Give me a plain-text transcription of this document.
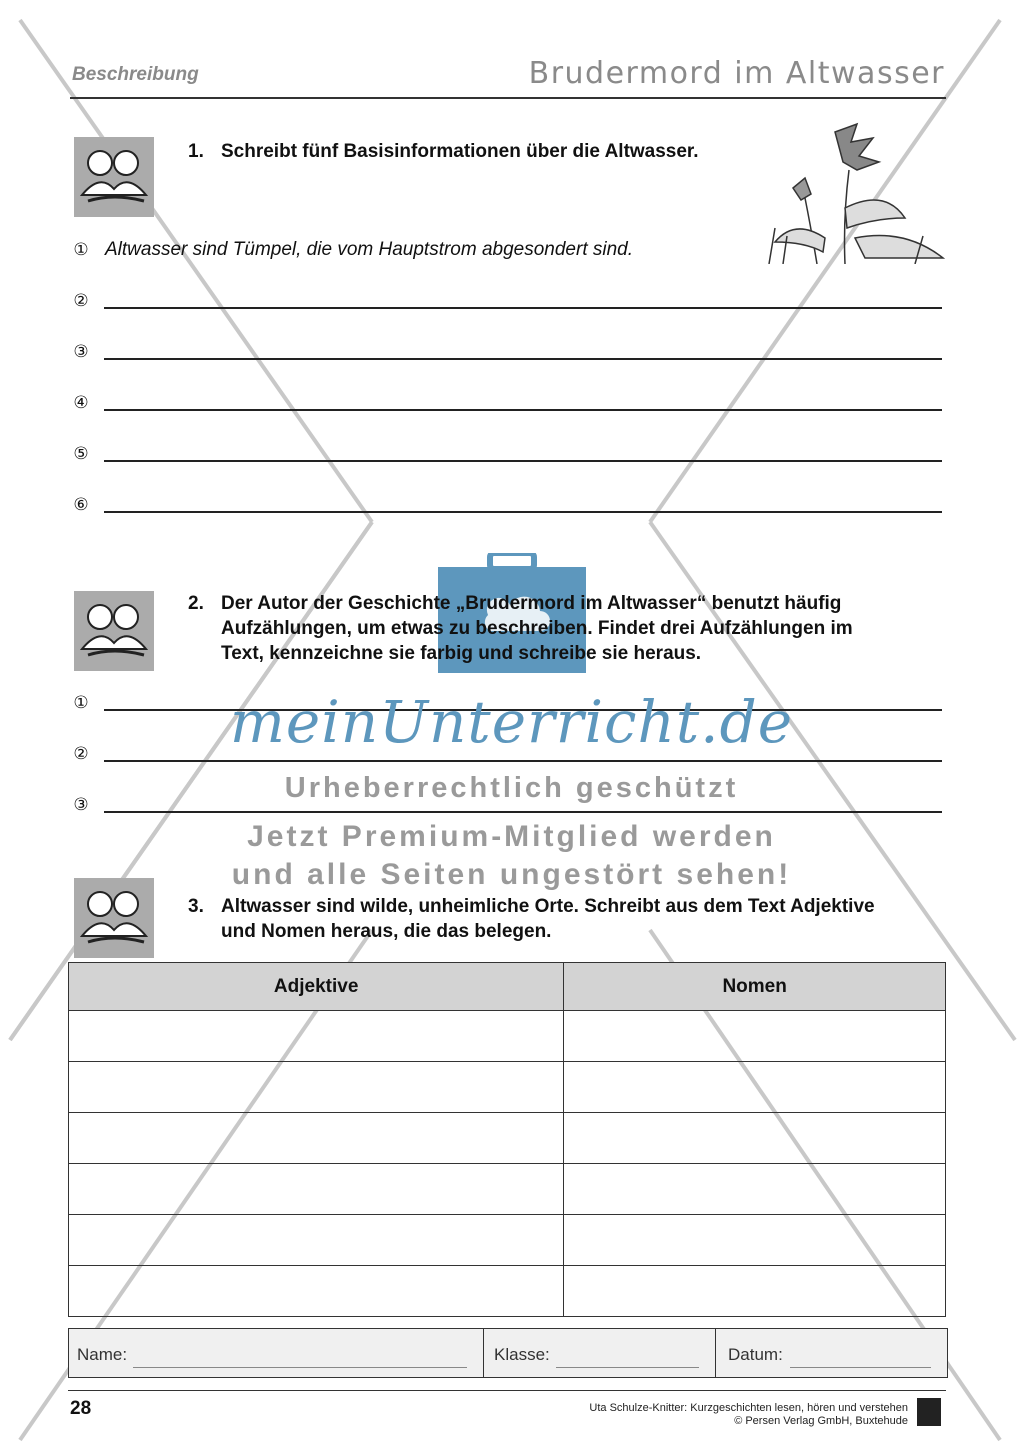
Beschreibung	Brudermord im Altwasser
1. Schreibt fünf Basisinformationen über die Altwasser.
① Altwasser sind Tümpel, die vom Hauptstrom abgesondert sind.
②
③
④
⑤
⑥
2. Der Autor der Geschichte „Brudermord im Altwasser“ benutzt häufig
Aufzählungen, um etwas zu beschreiben. Findet drei Aufzählungen im
Text, kennzeichne sie farbig und schreibe sie heraus.
①
②
③
meinUnterricht.de
Urheberrechtlich geschützt
Jetzt Premium-Mitglied werden
und alle Seiten ungestört sehen!
3. Altwasser sind wilde, unheimliche Orte. Schreibt aus dem Text Adjektive
und Nomen heraus, die das belegen.
Adjektive	Nomen

Name:	Klasse:	Datum:
28	Uta Schulze-Knitter: Kurzgeschichten lesen, hören und verstehen
© Persen Verlag GmbH, Buxtehude
